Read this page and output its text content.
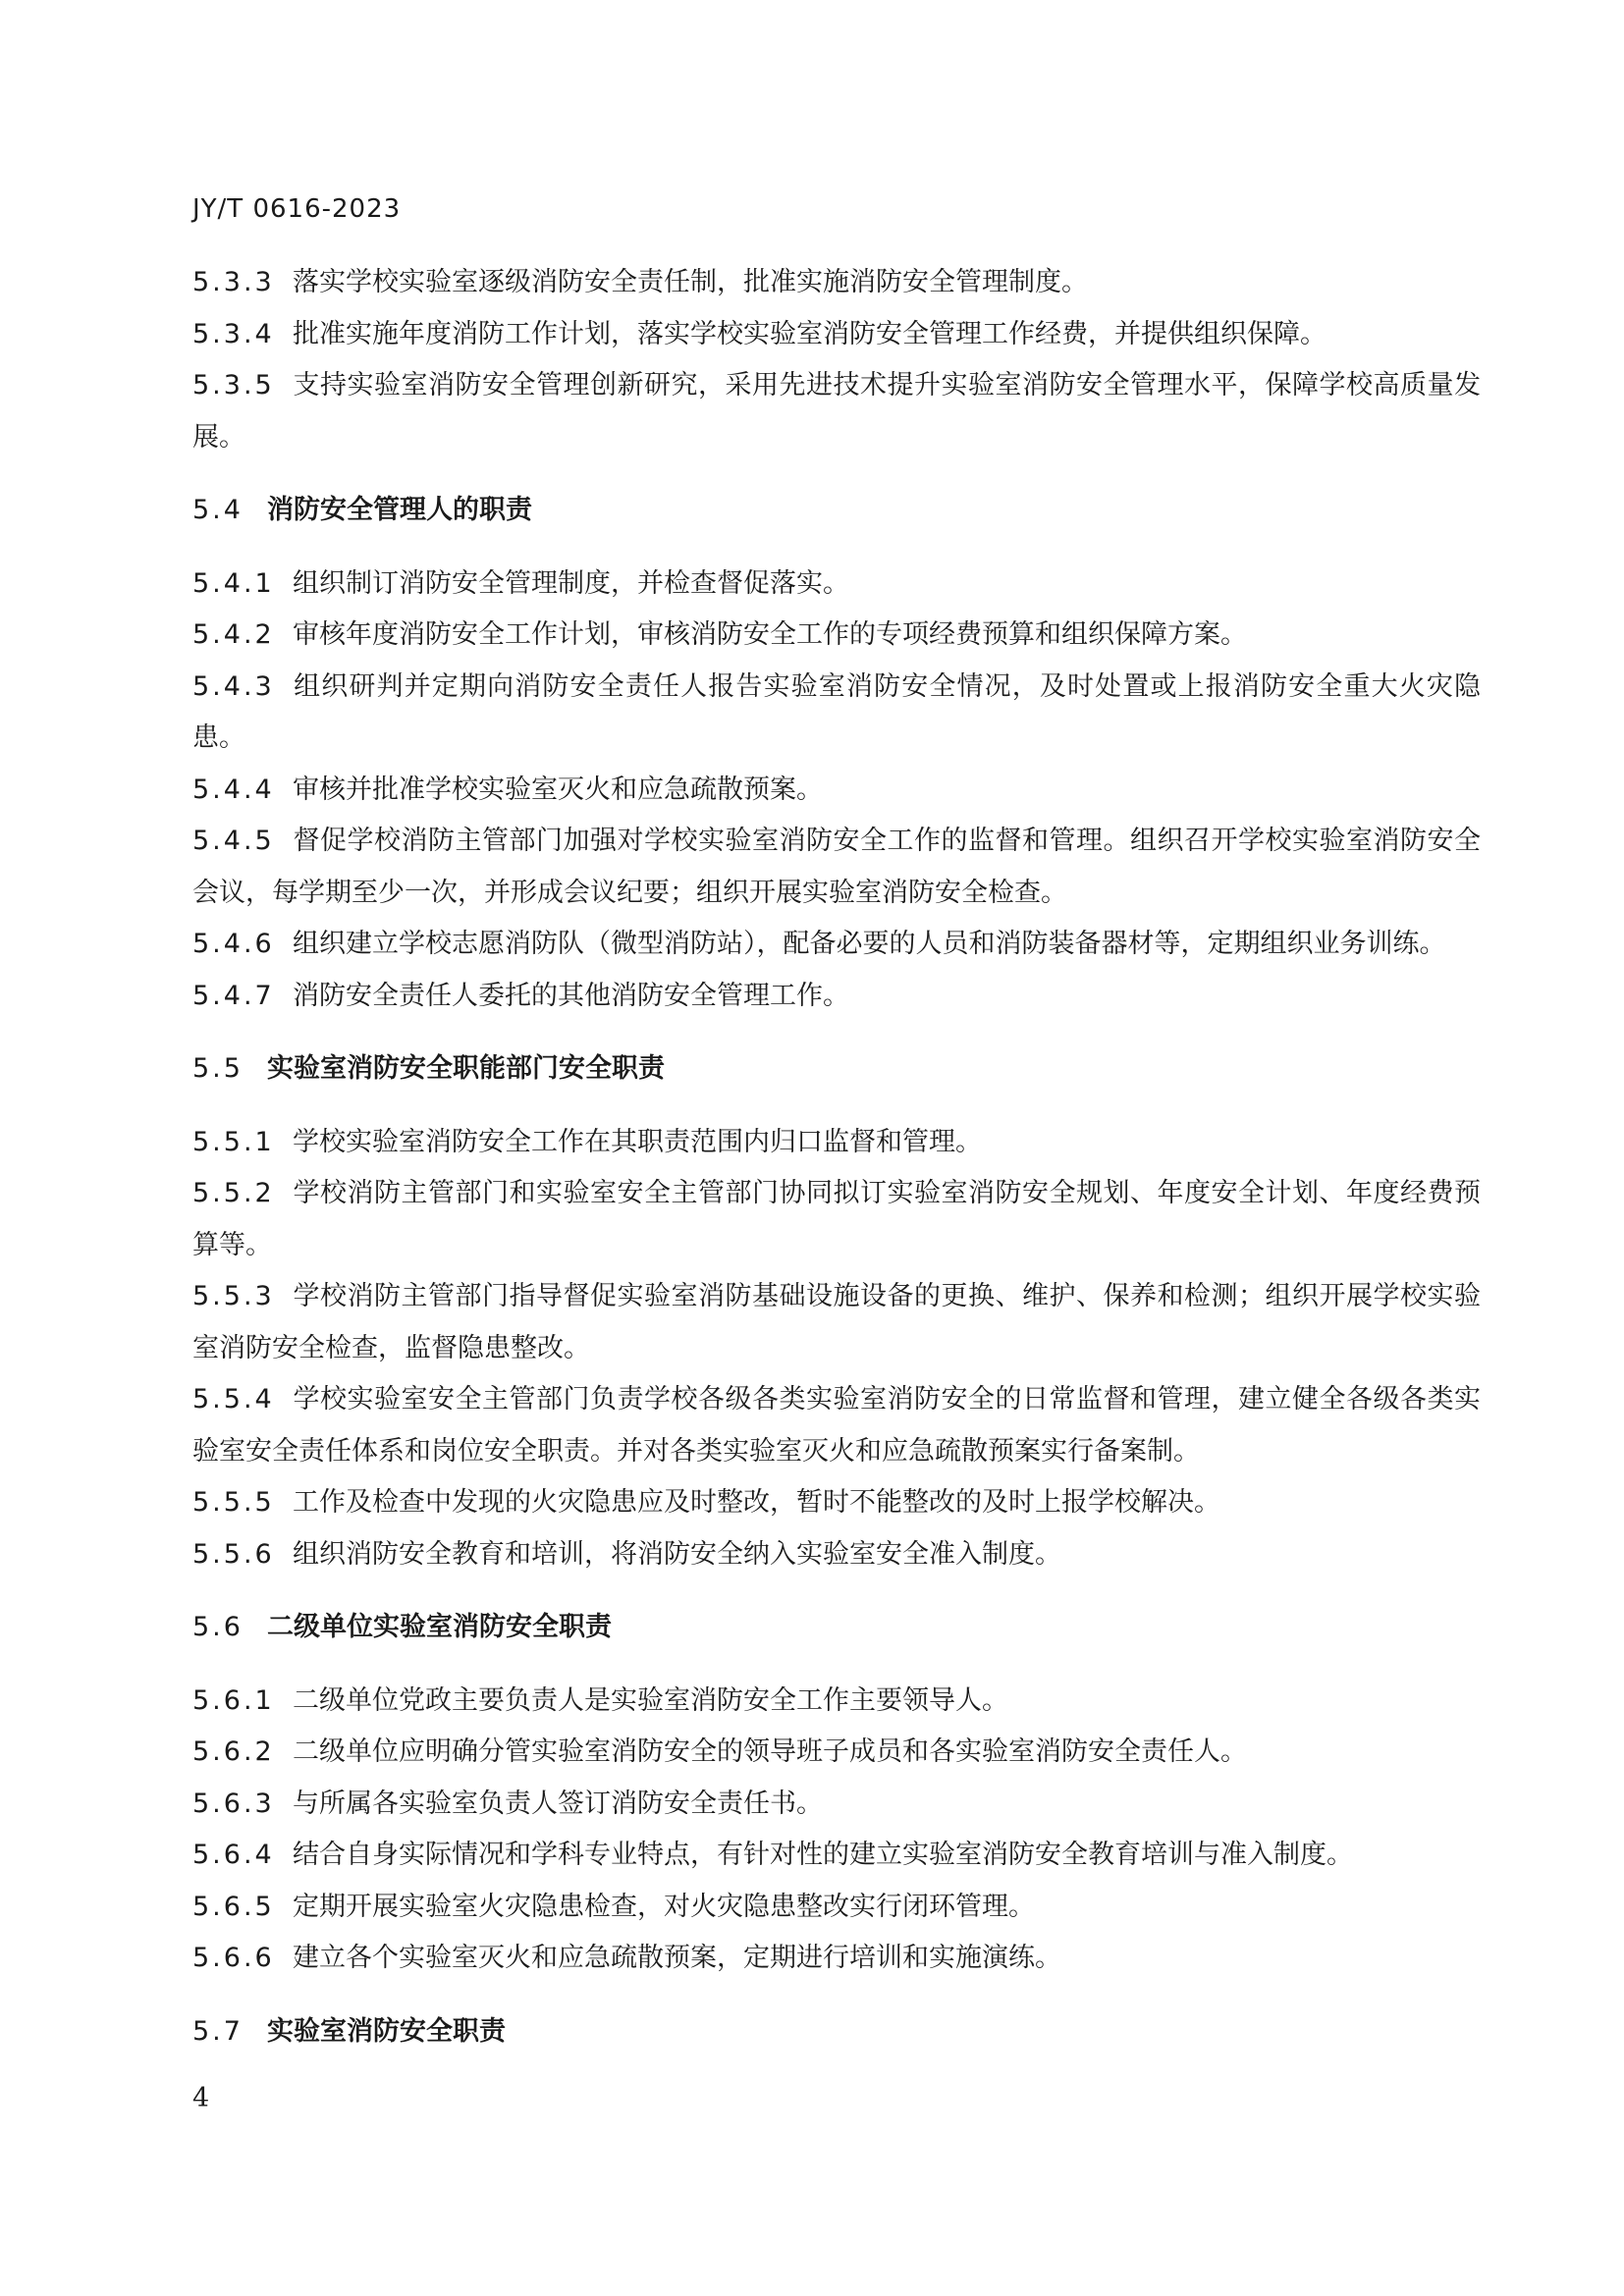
JY/T 0616-2023

5.3.3 落实学校实验室逐级消防安全责任制，批准实施消防安全管理制度。

5.3.4 批准实施年度消防工作计划，落实学校实验室消防安全管理工作经费，并提供组织保障。

5.3.5 支持实验室消防安全管理创新研究，采用先进技术提升实验室消防安全管理水平，保障学校高质量发展。

5.4 消防安全管理人的职责

5.4.1 组织制订消防安全管理制度，并检查督促落实。

5.4.2 审核年度消防安全工作计划，审核消防安全工作的专项经费预算和组织保障方案。

5.4.3 组织研判并定期向消防安全责任人报告实验室消防安全情况，及时处置或上报消防安全重大火灾隐患。

5.4.4 审核并批准学校实验室灭火和应急疏散预案。

5.4.5 督促学校消防主管部门加强对学校实验室消防安全工作的监督和管理。组织召开学校实验室消防安全会议，每学期至少一次，并形成会议纪要；组织开展实验室消防安全检查。

5.4.6 组织建立学校志愿消防队（微型消防站），配备必要的人员和消防装备器材等，定期组织业务训练。

5.4.7 消防安全责任人委托的其他消防安全管理工作。

5.5 实验室消防安全职能部门安全职责

5.5.1 学校实验室消防安全工作在其职责范围内归口监督和管理。

5.5.2 学校消防主管部门和实验室安全主管部门协同拟订实验室消防安全规划、年度安全计划、年度经费预算等。

5.5.3 学校消防主管部门指导督促实验室消防基础设施设备的更换、维护、保养和检测；组织开展学校实验室消防安全检查，监督隐患整改。

5.5.4 学校实验室安全主管部门负责学校各级各类实验室消防安全的日常监督和管理，建立健全各级各类实验室安全责任体系和岗位安全职责。并对各类实验室灭火和应急疏散预案实行备案制。

5.5.5 工作及检查中发现的火灾隐患应及时整改，暂时不能整改的及时上报学校解决。

5.5.6 组织消防安全教育和培训，将消防安全纳入实验室安全准入制度。

5.6 二级单位实验室消防安全职责

5.6.1 二级单位党政主要负责人是实验室消防安全工作主要领导人。

5.6.2 二级单位应明确分管实验室消防安全的领导班子成员和各实验室消防安全责任人。

5.6.3 与所属各实验室负责人签订消防安全责任书。

5.6.4 结合自身实际情况和学科专业特点，有针对性的建立实验室消防安全教育培训与准入制度。

5.6.5 定期开展实验室火灾隐患检查，对火灾隐患整改实行闭环管理。

5.6.6 建立各个实验室灭火和应急疏散预案，定期进行培训和实施演练。

5.7 实验室消防安全职责

4
